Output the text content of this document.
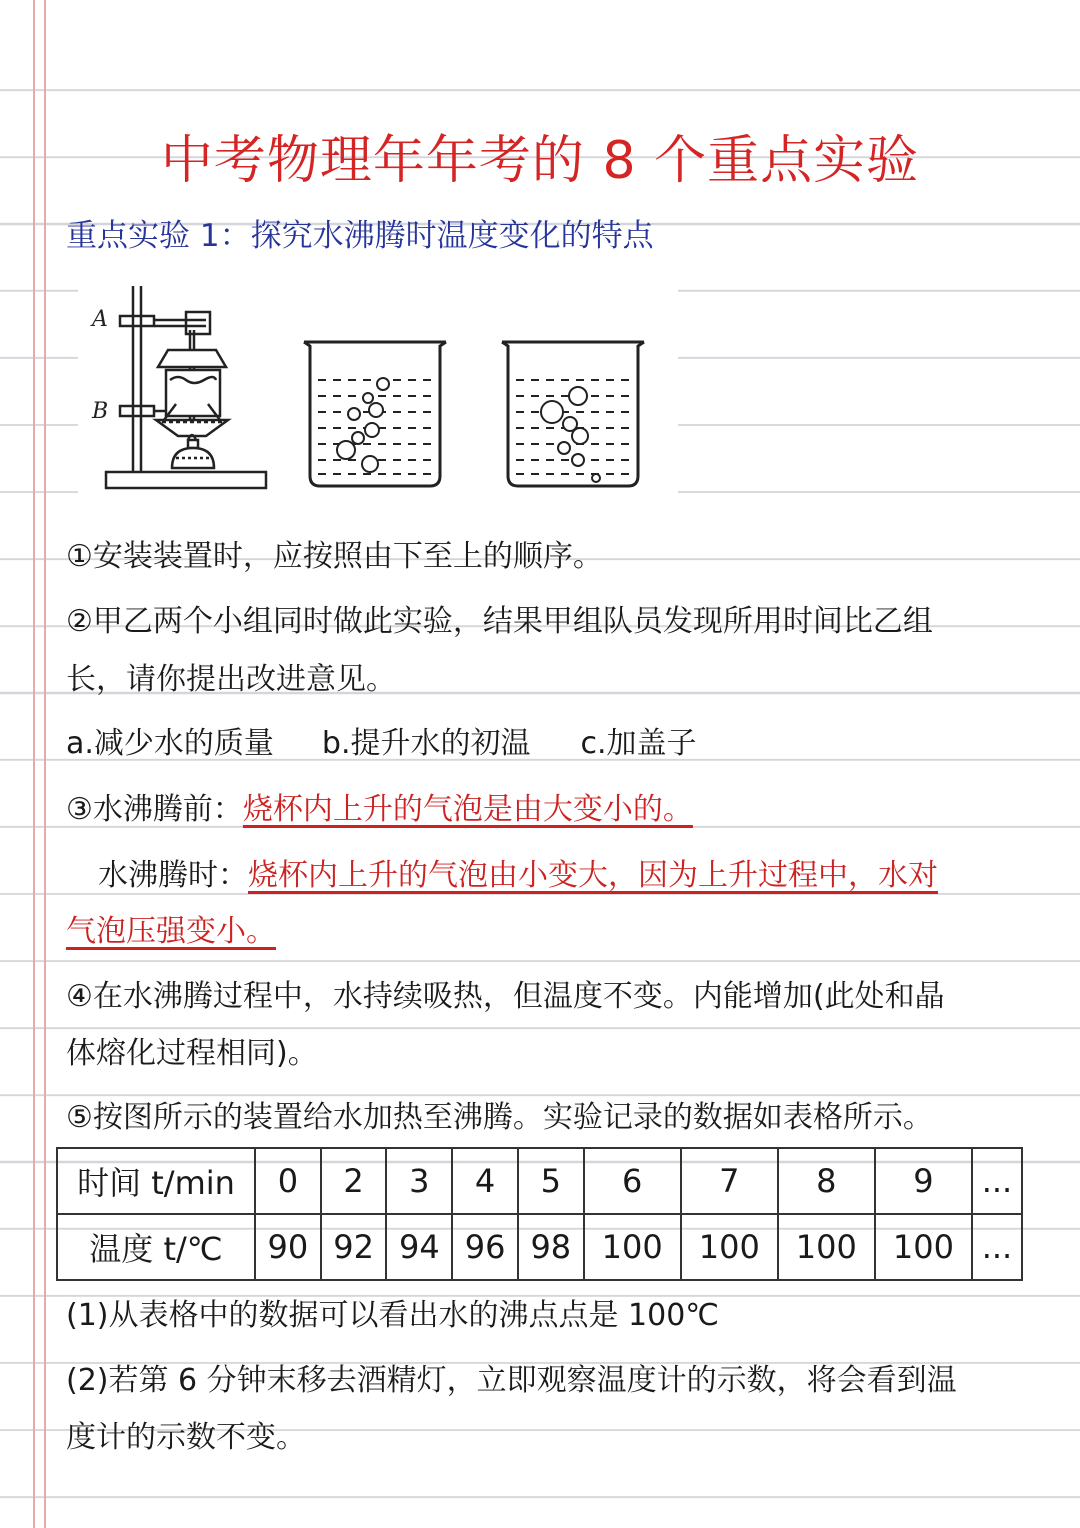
中考物理年年考的 8 个重点实验
重点实验 1：探究水沸腾时温度变化的特点
A
B
①安装装置时，应按照由下至上的顺序。
②甲乙两个小组同时做此实验，结果甲组队员发现所用时间比乙组
长，请你提出改进意见。
a.减少水的质量 b.提升水的初温 c.加盖子
③水沸腾前：烧杯内上升的气泡是由大变小的。
水沸腾时：烧杯内上升的气泡由小变大，因为上升过程中，水对
气泡压强变小。
④在水沸腾过程中，水持续吸热，但温度不变。内能增加(此处和晶
体熔化过程相同)。
⑤按图所示的装置给水加热至沸腾。实验记录的数据如表格所示。
时间 t/min	0	2	3	4	5	6	7	8	9	...
温度 t/℃	90	92	94	96	98	100	100	100	100	...
(1)从表格中的数据可以看出水的沸点点是 100℃
(2)若第 6 分钟末移去酒精灯，立即观察温度计的示数，将会看到温
度计的示数不变。
